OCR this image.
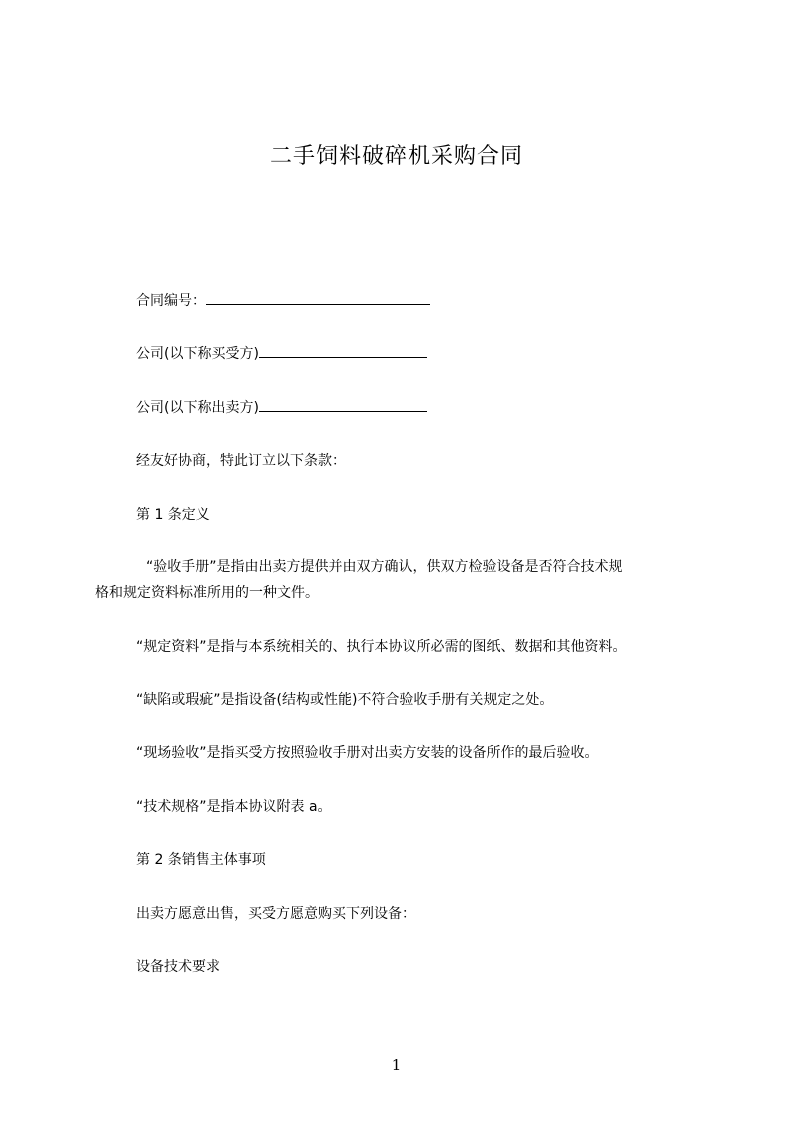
二手饲料破碎机采购合同
合同编号：
公司(以下称买受方)
公司(以下称出卖方)
经友好协商，特此订立以下条款：
第 1 条定义
“验收手册”是指由出卖方提供并由双方确认，供双方检验设备是否符合技术规
格和规定资料标准所用的一种文件。
“规定资料”是指与本系统相关的、执行本协议所必需的图纸、数据和其他资料。
“缺陷或瑕疵”是指设备(结构或性能)不符合验收手册有关规定之处。
“现场验收”是指买受方按照验收手册对出卖方安装的设备所作的最后验收。
“技术规格”是指本协议附表 a。
第 2 条销售主体事项
出卖方愿意出售，买受方愿意购买下列设备：
设备技术要求
1
